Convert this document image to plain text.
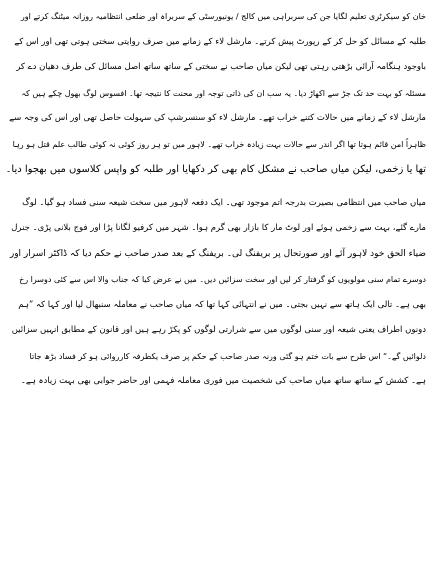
خان کو سیکرٹری تعلیم لگایا جن کی سربراہی میں کالج / یونیورسٹی کے سربراہ اور ضلعی انتظامیہ روزانہ میٹنگ کرتے اور
طلبہ کے مسائل کو حل کر کے رپورٹ پیش کرتے۔ مارشل لاء کے زمانے میں صرف روایتی سختی ہوتی تھی اور اس کے
باوجود ہنگامہ آرائی بڑھتی رہتی تھی لیکن میاں صاحب نے سختی کے ساتھ ساتھ اصل مسائل کی طرف دھیان دے کر
مسئلہ کو بہت حد تک جڑ سے اکھاڑ دیا۔ یہ سب ان کی ذاتی توجہ اور محنت کا نتیجہ تھا۔ افسوس لوگ بھول چکے ہیں کہ
مارشل لاء کے زمانے میں حالات کتنے خراب تھے۔ مارشل لاء کو سنسرشپ کی سہولت حاصل تھی اور اس کی وجہ سے
ظاہراً امن قائم ہوتا تھا اگر اندر سے حالات بہت زیادہ خراب تھے۔ لاہور میں تو ہر روز کوئی نہ کوئی طالب علم قتل ہو رہا
تھا یا زخمی، لیکن میاں صاحب نے مشکل کام بھی کر دکھایا اور طلبہ کو واپس کلاسوں میں بھجوا دیا۔
میاں صاحب میں انتظامی بصیرت بدرجہ اتم موجود تھی۔ ایک دفعہ لاہور میں سخت شیعہ سنی فساد ہو گیا۔ لوگ
مارے گئے، بہت سے زخمی ہوئے اور لوٹ مار کا بازار بھی گرم ہوا۔ شہر میں کرفیو لگانا پڑا اور فوج بلانی پڑی۔ جنرل
ضیاء الحق خود لاہور آئے اور صورتحال پر بریفنگ لی۔ بریفنگ کے بعد صدر صاحب نے حکم دیا کہ ڈاکٹر اسرار اور
دوسرے تمام سنی مولویوں کو گرفتار کر لیں اور سخت سزائیں دیں۔ میں نے عرض کیا کہ جناب والا اس سے کئی دوسرا رخ
بھی ہے۔ تالی ایک ہاتھ سے نہیں بجتی۔ میں نے انتہائی کہا تھا کہ میاں صاحب نے معاملہ سنبھال لیا اور کہا کہ ”ہم
دونوں اطراف یعنی شیعہ اور سنی لوگوں میں سے شرارتی لوگوں کو پکڑ رہے ہیں اور قانون کے مطابق انہیں سزائیں
دلوائیں گے۔“ اس طرح سے بات ختم ہو گئی ورنہ صدر صاحب کے حکم پر صرف یکطرفہ کارروائی ہو کر فساد بڑھ جاتا
ہے۔ کشش کے ساتھ ساتھ میاں صاحب کی شخصیت میں فوری معاملہ فہمی اور حاضر جوابی بھی بہت زیادہ ہے۔
